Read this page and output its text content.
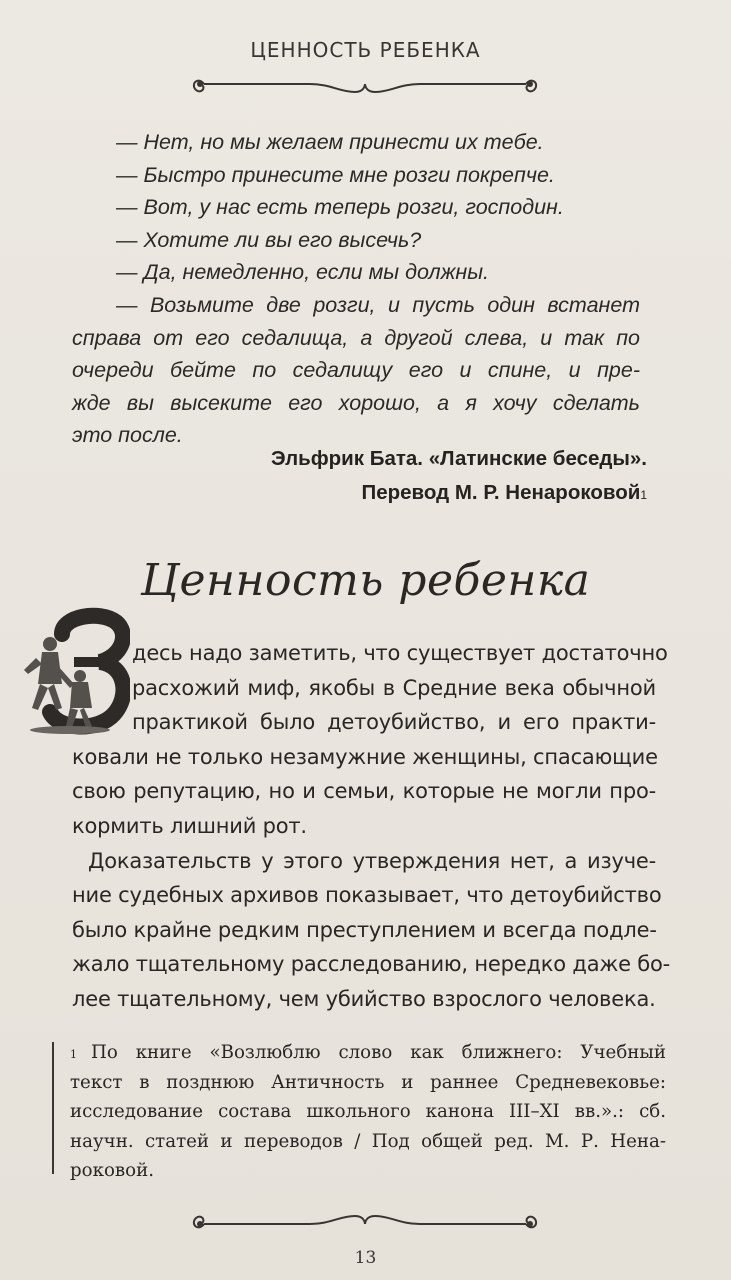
ЦЕННОСТЬ РЕБЕНКА
— Нет, но мы желаем принести их тебе.
— Быстро принесите мне розги покрепче.
— Вот, у нас есть теперь розги, господин.
— Хотите ли вы его высечь?
— Да, немедленно, если мы должны.
— Возьмите две розги, и пусть один встанет
справа от его седалища, а другой слева, и так по
очереди бейте по седалищу его и спине, и пре-
жде вы высеките его хорошо, а я хочу сделать
это после.
Эльфрик Бата. «Латинские беседы».
Перевод М. Р. Ненароковой$^1$
Ценность ребенка
десь надо заметить, что существует достаточно
расхожий миф, якобы в Средние века обычной
практикой было детоубийство, и его практи-
ковали не только незамужние женщины, спасающие
свою репутацию, но и семьи, которые не могли про-
кормить лишний рот.
Доказательств у этого утверждения нет, а изуче-
ние судебных архивов показывает, что детоубийство
было крайне редким преступлением и всегда подле-
жало тщательному расследованию, нередко даже бо-
лее тщательному, чем убийство взрослого человека.
$^1$ По книге «Возлюблю слово как ближнего: Учебный
текст в позднюю Античность и раннее Средневековье:
исследование состава школьного канона III–XI вв.».: сб.
научн. статей и переводов / Под общей ред. М. Р. Нена-
роковой.
13
